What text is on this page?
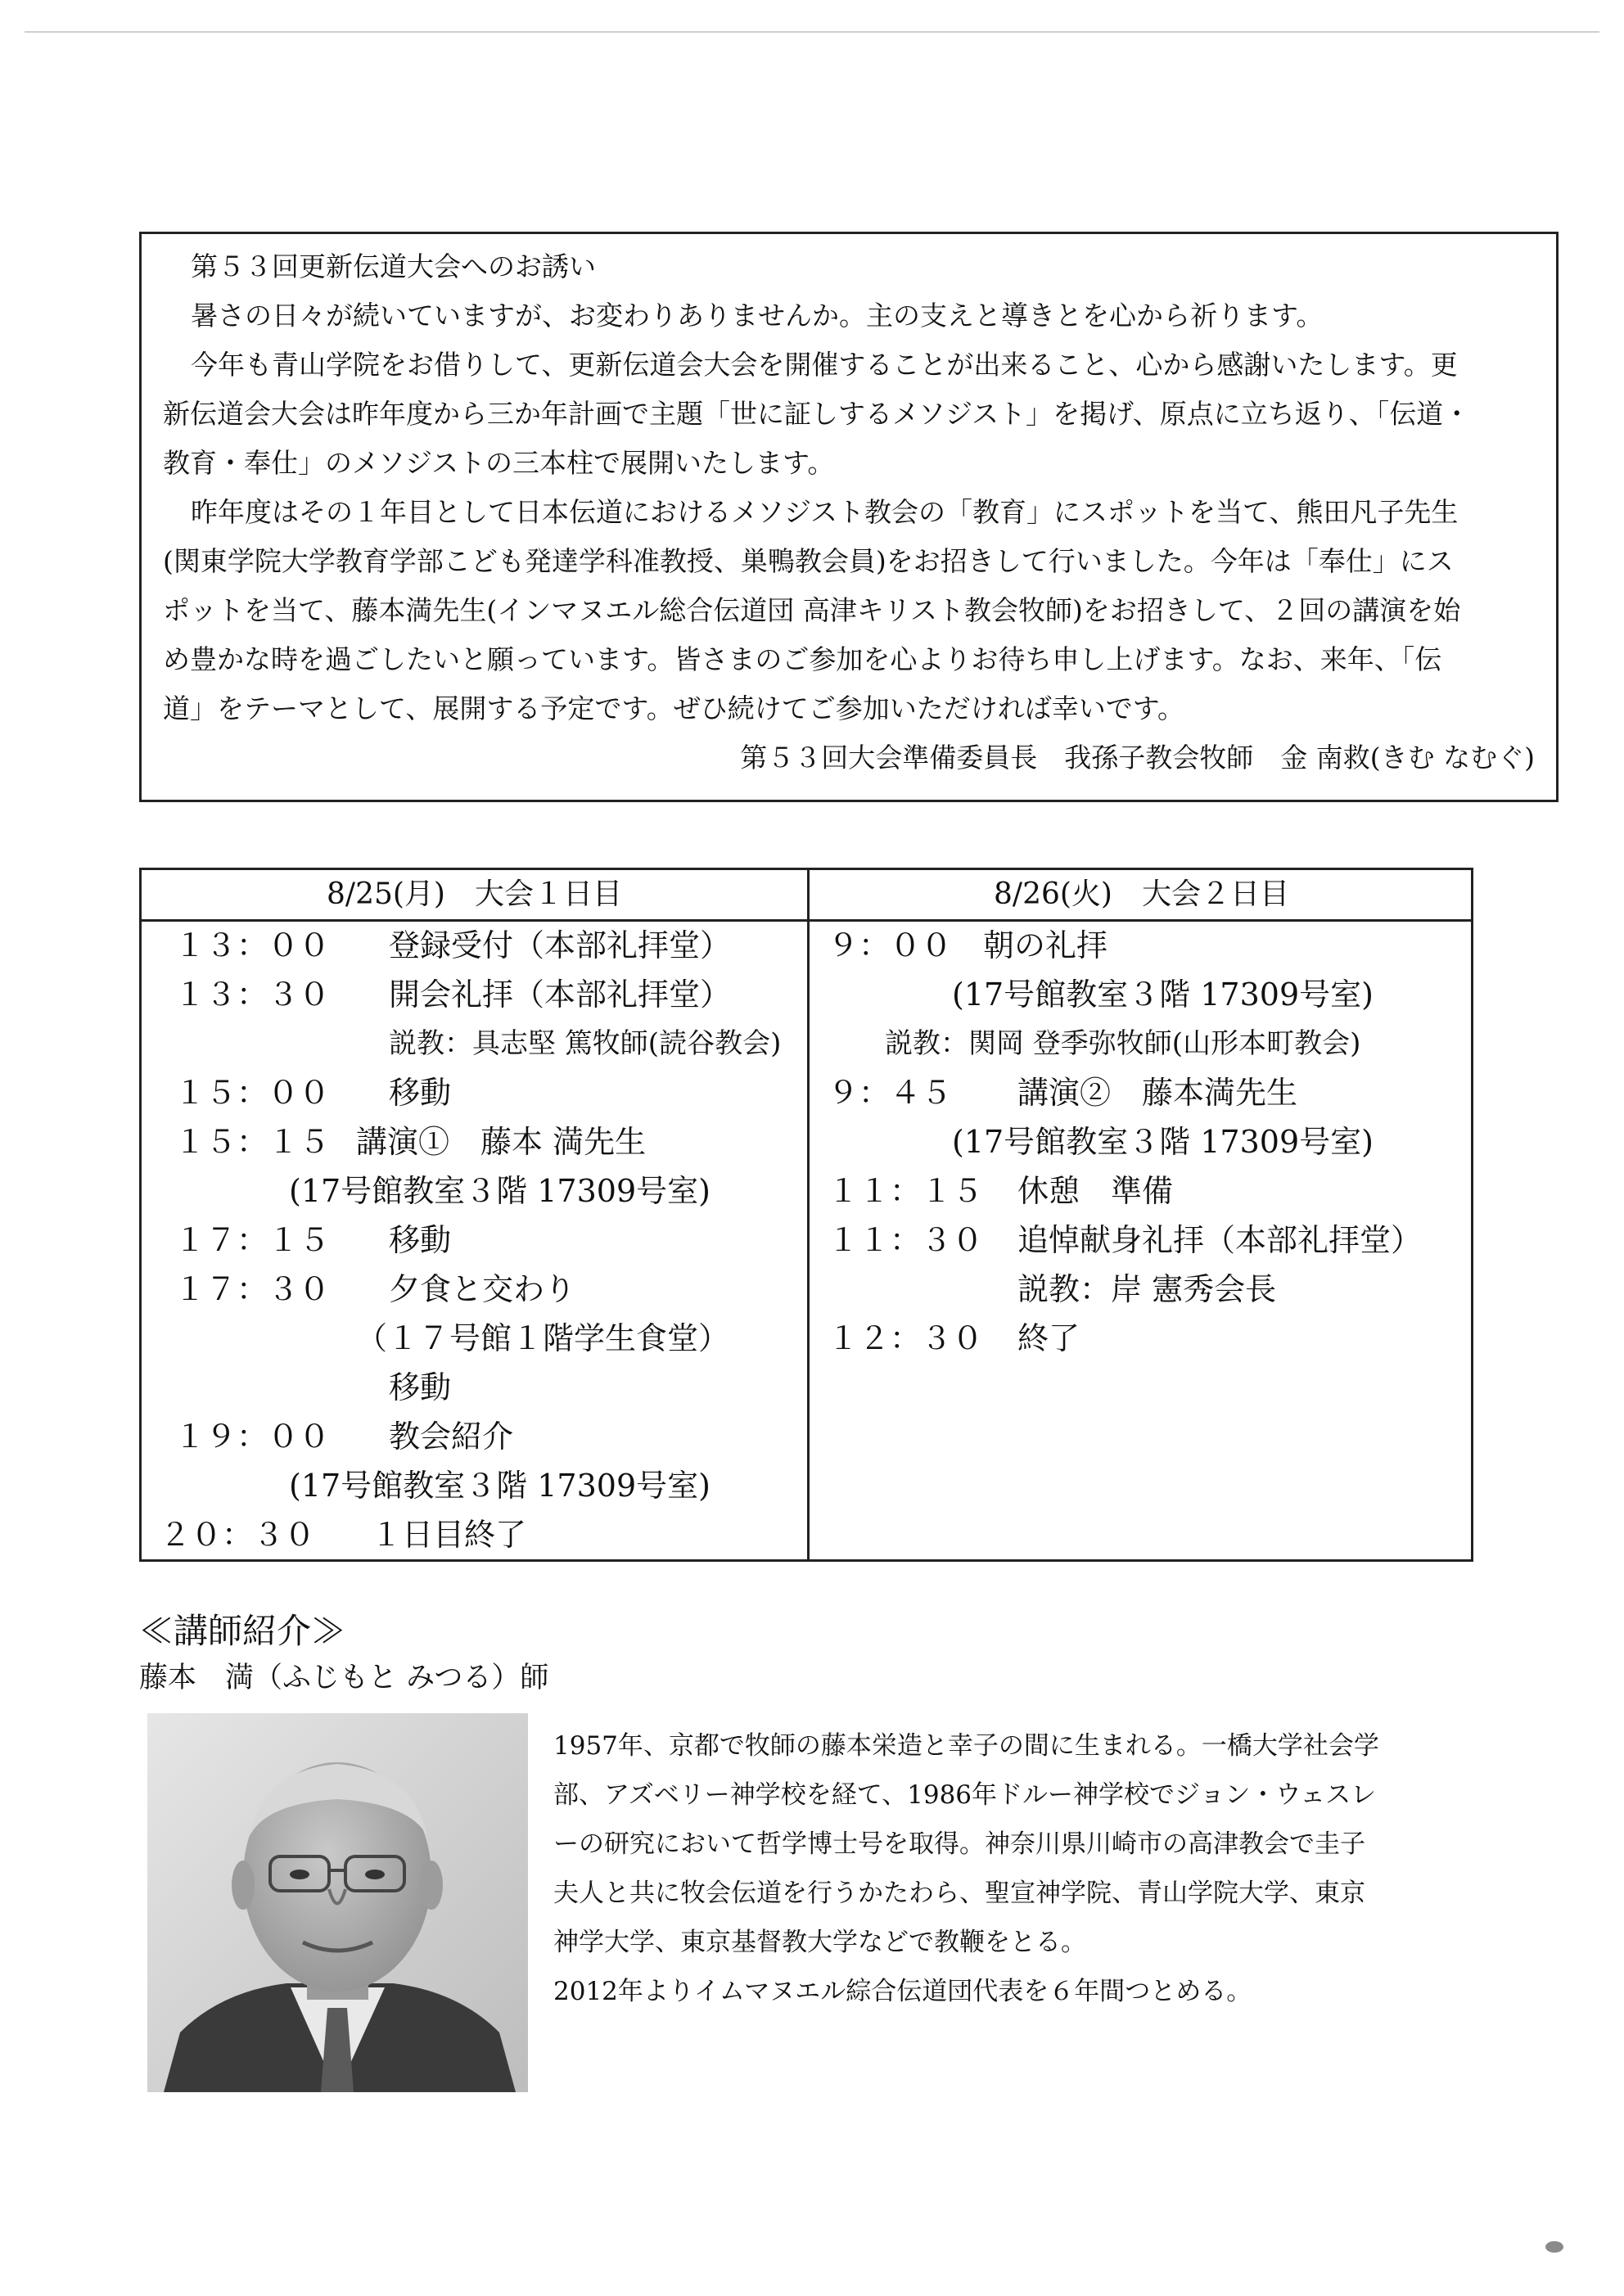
第５３回更新伝道大会へのお誘い
暑さの日々が続いていますが、お変わりありませんか。主の支えと導きとを心から祈ります。
今年も青山学院をお借りして、更新伝道会大会を開催することが出来ること、心から感謝いたします。更
新伝道会大会は昨年度から三か年計画で主題「世に証しするメソジスト」を掲げ、原点に立ち返り、「伝道・
教育・奉仕」のメソジストの三本柱で展開いたします。
昨年度はその１年目として日本伝道におけるメソジスト教会の「教育」にスポットを当て、熊田凡子先生
(関東学院大学教育学部こども発達学科准教授、巣鴨教会員)をお招きして行いました。今年は「奉仕」にス
ポットを当て、藤本満先生(インマヌエル総合伝道団 高津キリスト教会牧師)をお招きして、２回の講演を始
め豊かな時を過ごしたいと願っています。皆さまのご参加を心よりお待ち申し上げます。なお、来年、「伝
道」をテーマとして、展開する予定です。ぜひ続けてご参加いただければ幸いです。
第５３回大会準備委員長　我孫子教会牧師　金 南救(きむ なむぐ)
8/25(月)　大会１日目	8/26(火)　大会２日目
１３：００ 登録受付（本部礼拝堂）
１３：３０ 開会礼拝（本部礼拝堂）
説教：具志堅 篤牧師(読谷教会)
１５：００ 移動
１５：１５ 講演①　藤本 満先生
(17号館教室３階 17309号室)
１７：１５ 移動
１７：３０ 夕食と交わり
（１７号館１階学生食堂）
移動
１９：００ 教会紹介
(17号館教室３階 17309号室)
２０：３０ １日目終了
９：００ 朝の礼拝
(17号館教室３階 17309号室)
説教：関岡 登季弥牧師(山形本町教会)
９：４５ 講演②　藤本満先生
(17号館教室３階 17309号室)
１１：１５ 休憩　準備
１１：３０ 追悼献身礼拝（本部礼拝堂）
説教：岸 憲秀会長
１２：３０ 終了
≪講師紹介≫
藤本　満（ふじもと みつる）師
1957年、京都で牧師の藤本栄造と幸子の間に生まれる。一橋大学社会学
部、アズベリー神学校を経て、1986年ドルー神学校でジョン・ウェスレ
ーの研究において哲学博士号を取得。神奈川県川崎市の高津教会で圭子
夫人と共に牧会伝道を行うかたわら、聖宣神学院、青山学院大学、東京
神学大学、東京基督教大学などで教鞭をとる。
2012年よりイムマヌエル綜合伝道団代表を６年間つとめる。
